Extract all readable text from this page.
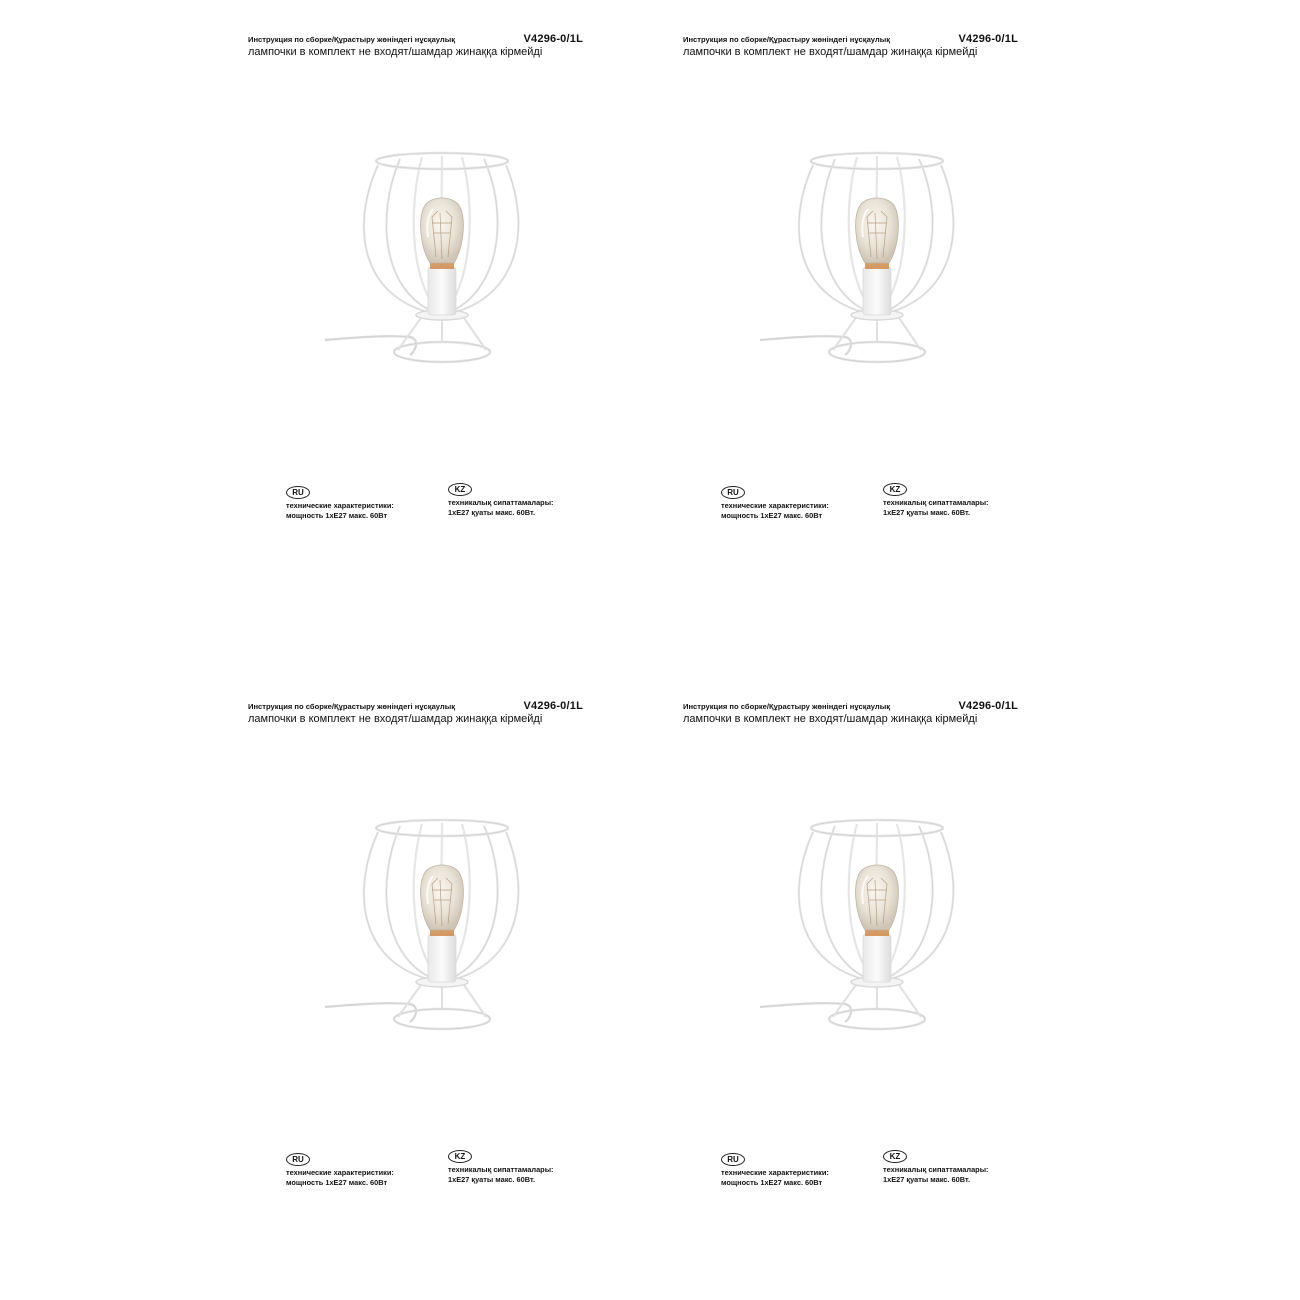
Инструкция по сборке/Құрастыру жөніндегі нұсқаулық	V4296-0/1L
лампочки в комплект не входят/шамдар жинаққа кірмейді
RU
технические характеристики:
мощность 1xE27 макс. 60Вт
KZ
техникалық сипаттамалары:
1xE27 қуаты макс. 60Вт.
Инструкция по сборке/Құрастыру жөніндегі нұсқаулық	V4296-0/1L
лампочки в комплект не входят/шамдар жинаққа кірмейді
RU
технические характеристики:
мощность 1xE27 макс. 60Вт
KZ
техникалық сипаттамалары:
1xE27 қуаты макс. 60Вт.
Инструкция по сборке/Құрастыру жөніндегі нұсқаулық	V4296-0/1L
лампочки в комплект не входят/шамдар жинаққа кірмейді
RU
технические характеристики:
мощность 1xE27 макс. 60Вт
KZ
техникалық сипаттамалары:
1xE27 қуаты макс. 60Вт.
Инструкция по сборке/Құрастыру жөніндегі нұсқаулық	V4296-0/1L
лампочки в комплект не входят/шамдар жинаққа кірмейді
RU
технические характеристики:
мощность 1xE27 макс. 60Вт
KZ
техникалық сипаттамалары:
1xE27 қуаты макс. 60Вт.
